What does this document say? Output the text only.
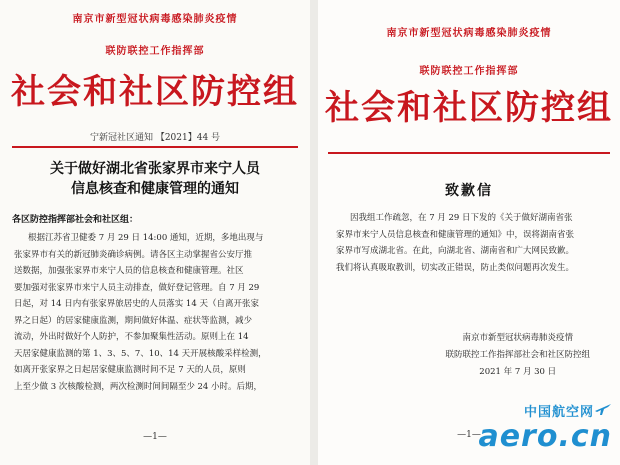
南京市新型冠状病毒感染肺炎疫情
联防联控工作指挥部
社会和社区防控组
宁新冠社区通知 【2021】44 号
关于做好湖北省张家界市来宁人员
信息核查和健康管理的通知
各区防控指挥部社会和社区组：
根据江苏省卫健委 7 月 29 日 14:00 通知，近期，多地出现与
张家界市有关的新冠肺炎确诊病例。请各区主动掌握省公安厅推
送数据，加强张家界市来宁人员的信息核查和健康管理。社区
要加强对张家界市来宁人员主动排查，做好登记管理。自 7 月 29
日起，对 14 日内有张家界旅居史的人员落实 14 天（自离开张家
界之日起）的居家健康监测，期间做好体温、症状等监测，减少
流动，外出时做好个人防护，不参加聚集性活动。原则上在 14
天居家健康监测的第 1、3、5、7、10、14 天开展核酸采样检测，
如离开张家界之日起居家健康监测时间不足 7 天的人员，原则
上至少做 3 次核酸检测，两次检测时间间隔至少 24 小时。后期，
—1—
南京市新型冠状病毒感染肺炎疫情
联防联控工作指挥部
社会和社区防控组
致歉信
因我组工作疏忽，在 7 月 29 日下发的《关于做好湖南省张
家界市来宁人员信息核查和健康管理的通知》中，误将湖南省张
家界市写成湖北省。在此，向湖北省、湖南省和广大网民致歉。
我们将认真吸取教训，切实改正错误，防止类似问题再次发生。
南京市新型冠状病毒肺炎疫情
联防联控工作指挥部社会和社区防控组
2021 年 7 月 30 日
—1—
中国航空网
aero.cn
